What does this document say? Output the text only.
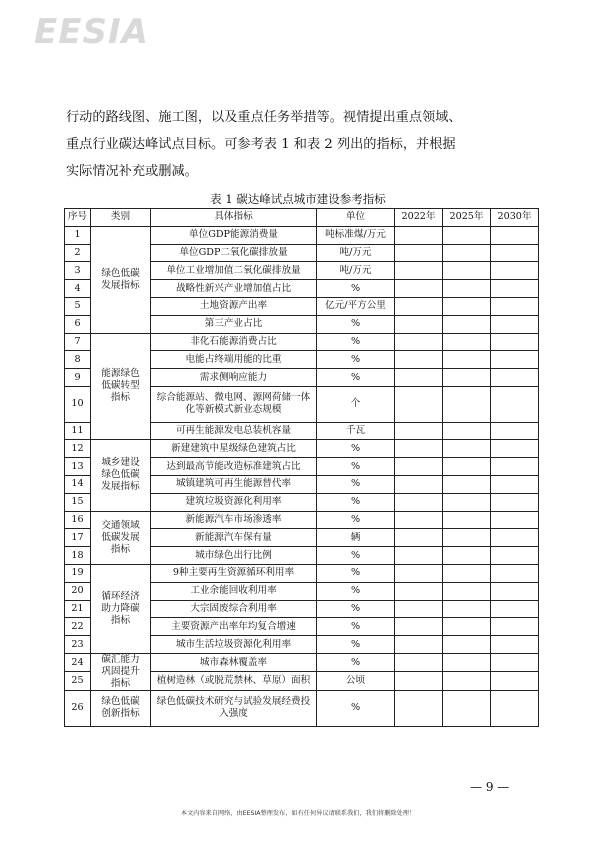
EESIA

行动的路线图、施工图，以及重点任务举措等。视情提出重点领域、

重点行业碳达峰试点目标。可参考表 1 和表 2 列出的指标，并根据

实际情况补充或删减。

表 1 碳达峰试点城市建设参考指标
序号	类别	具体指标	单位	2022年	2025年	2030年
1	绿色低碳发展指标	单位GDP能源消费量	吨标准煤/万元			
2		单位GDP二氧化碳排放量	吨/万元			
3		单位工业增加值二氧化碳排放量	吨/万元			
4		战略性新兴产业增加值占比	%			
5		土地资源产出率	亿元/平方公里			
6		第三产业占比	%			
7	能源绿色低碳转型指标	非化石能源消费占比	%			
8		电能占终端用能的比重	%			
9		需求侧响应能力	%			
10		综合能源站、微电网、源网荷储一体化等新模式新业态规模	个			
11		可再生能源发电总装机容量	千瓦			
12	城乡建设绿色低碳发展指标	新建建筑中星级绿色建筑占比	%			
13		达到最高节能改造标准建筑占比	%			
14		城镇建筑可再生能源替代率	%			
15		建筑垃圾资源化利用率	%			
16	交通领域低碳发展指标	新能源汽车市场渗透率	%			
17		新能源汽车保有量	辆			
18		城市绿色出行比例	%			
19	循环经济助力降碳指标	9种主要再生资源循环利用率	%			
20		工业余能回收利用率	%			
21		大宗固废综合利用率	%			
22		主要资源产出率年均复合增速	%			
23		城市生活垃圾资源化利用率	%			
24	碳汇能力巩固提升指标	城市森林覆盖率	%			
25		植树造林（或脱荒禁林、草原）面积	公顷			
26	绿色低碳创新指标	绿色低碳技术研究与试验发展经费投入强度	%			
— 9 —
本文内容来自网络，由EESIA整理发布，如有任何异议请联系我们，我们将删除处理！
